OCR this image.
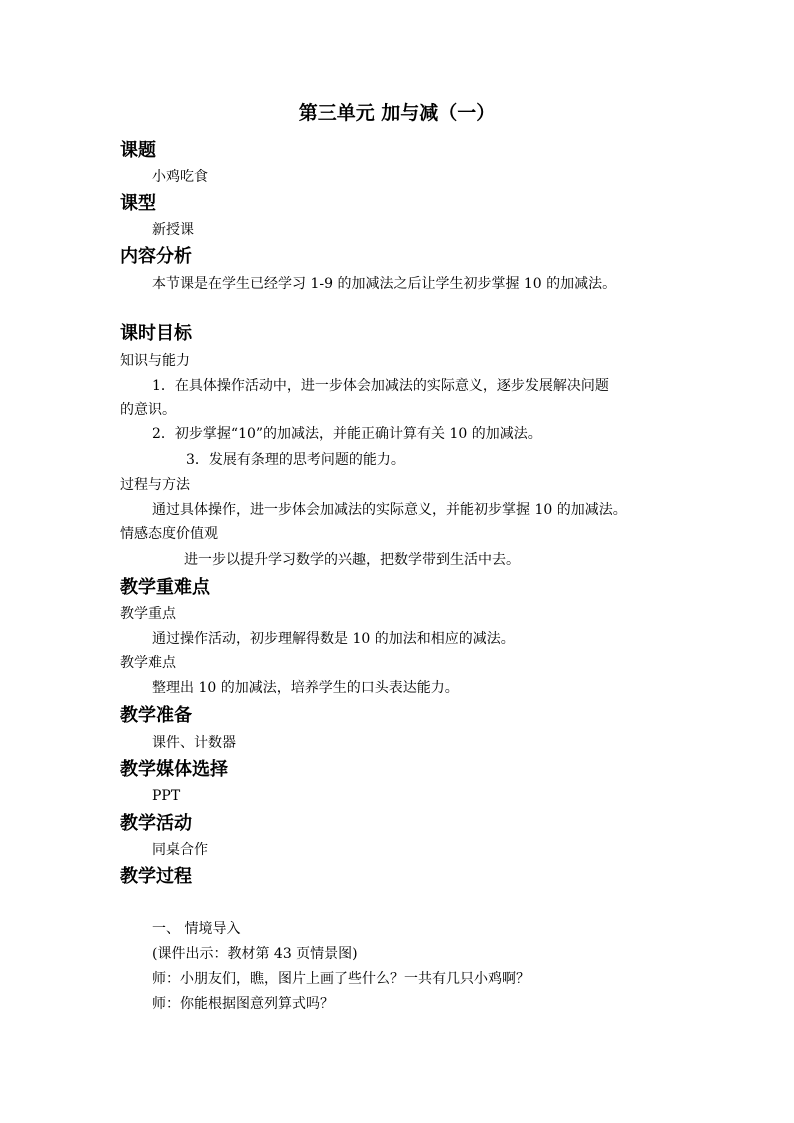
第三单元 加与减（一）
课题
小鸡吃食
课型
新授课
内容分析
本节课是在学生已经学习 1-9 的加减法之后让学生初步掌握 10 的加减法。
课时目标
知识与能力
1．在具体操作活动中，进一步体会加减法的实际意义，逐步发展解决问题
的意识。
2．初步掌握“10”的加减法，并能正确计算有关 10 的加减法。
3．发展有条理的思考问题的能力。
过程与方法
通过具体操作，进一步体会加减法的实际意义，并能初步掌握 10 的加减法。
情感态度价值观
进一步以提升学习数学的兴趣，把数学带到生活中去。
教学重难点
教学重点
通过操作活动，初步理解得数是 10 的加法和相应的减法。
教学难点
整理出 10 的加减法，培养学生的口头表达能力。
教学准备
课件、计数器
教学媒体选择
PPT
教学活动
同桌合作
教学过程
一、 情境导入
(课件出示：教材第 43 页情景图)
师：小朋友们，瞧，图片上画了些什么？一共有几只小鸡啊？
师：你能根据图意列算式吗？
